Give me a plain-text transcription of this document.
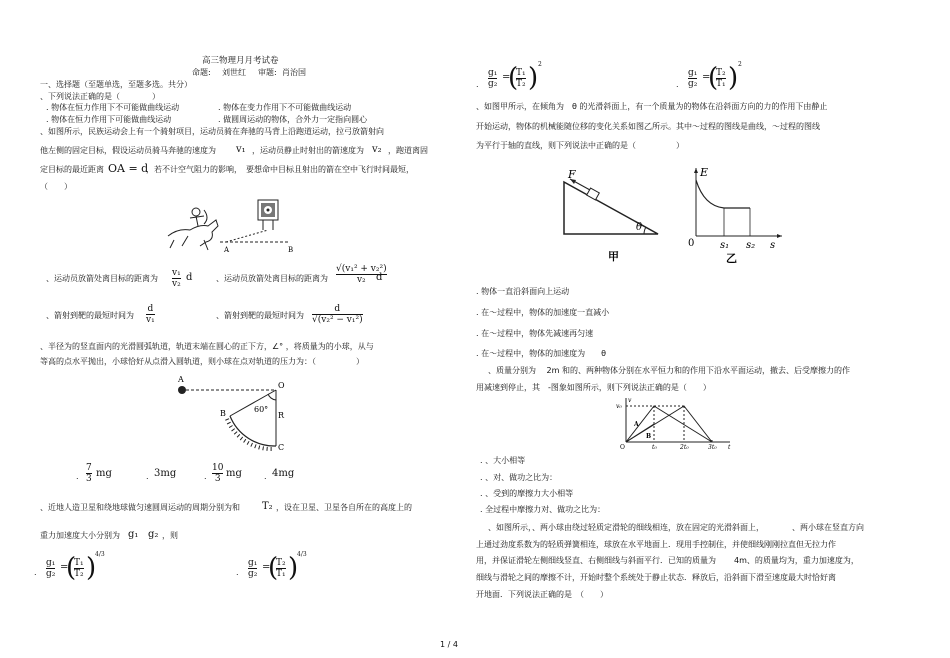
高三物理月月考试卷
命题: 刘世红 审题: 肖治国
一、选择题（至题单选，至题多选。共分）
、下列说法正确的是（　　　　）
. 物体在恒力作用下不可能做曲线运动	. 物体在变力作用下不可能做曲线运动
. 物体在恒力作用下可能做曲线运动	. 做圆周运动的物体，合外力一定指向圆心
、如图所示，民族运动会上有一个骑射项目，运动员骑在奔驰的马背上沿跑道运动，拉弓放箭射向
他左侧的固定目标，假设运动员骑马奔驰的速度为 v₁ ，运动员静止时射出的箭速度为 v₂ ，跑道离固
定目标的最近距离 OA = d
，若不计空气阻力的影响，　要想命中目标且射出的箭在空中飞行时间最短，
（　　）
A	B
、运动员放箭处离目标的距离为
v₁
v₂
d	、运动员放箭处离目标的距离为
√(v₁² + v₂²)
v₂ d
、箭射到靶的最短时间为
d
v₁	、箭射到靶的最短时间为
d
√(v₂² − v₁²)
、半径为的竖直面内的光滑圆弧轨道，轨道末端在圆心的正下方，∠° ，将质量为的小球，从与
等高的点水平抛出，小球恰好从点滑入圆轨道，则小球在点对轨道的压力为：（　　　　　）
A
O
B	R
C
60°
.
7
3 mg	. 3mg	.
10
3 mg	. 4mg
、近地人造卫星和绕地球做匀速圆周运动的周期分别为和 T₂ ，设在卫星、卫星各自所在的高度上的
重力加速度大小分别为 g₁ g₂ ，则
.
g₁
g₂
=
(
T₁
T₂ )
4/3
.
g₁
g₂
=
(
T₂
T₁ )
4/3
.
g₁
g₂
=
(
T₁
T₂ ) 2
.
g₁
g₂
=
(
T₂
T₁ ) 2
、如图甲所示，在倾角为　θ 的光滑斜面上，有一个质量为的物体在沿斜面方向的力的作用下由静止
开始运动，物体的机械能随位移的变化关系如图乙所示。其中～过程的图线是曲线，～过程的图线
为平行于轴的直线，则下列说法中正确的是（　　　　　）
F
θ
甲
E
0	s₁ s₂ s
乙
. 物体一直沿斜面向上运动
. 在～过程中，物体的加速度一直减小
. 在～过程中，物体先减速再匀速
. 在～过程中，物体的加速度为　　θ
、质量分别为　 2m 和的、两种物体分别在水平恒力和的作用下沿水平面运动，撤去、后受摩擦力的作
用减速到停止，其　-图象如图所示，则下列说法正确的是（　　）
v₀
v
A
B
O	t₀	2t₀	3t₀ t
. 、大小相等
. 、对、做功之比为：
. 、受到的摩擦力大小相等
. 全过程中摩擦力对、做功之比为：
、如图所示，、两小球由绕过轻质定滑轮的细线相连，放在固定的光滑斜面上，　　　　、两小球在竖直方向
上通过劲度系数为的轻质弹簧相连，球放在水平地面上．现用手控制住，并使细线刚刚拉直但无拉力作
用，并保证滑轮左侧细线竖直、右侧细线与斜面平行．已知的质量为 4m、的质量均为，重力加速度为，
细线与滑轮之间的摩擦不计，开始时整个系统处于静止状态．释放后，沿斜面下滑至速度最大时恰好离
开地面．下列说法正确的是　（　　）
1 / 4
